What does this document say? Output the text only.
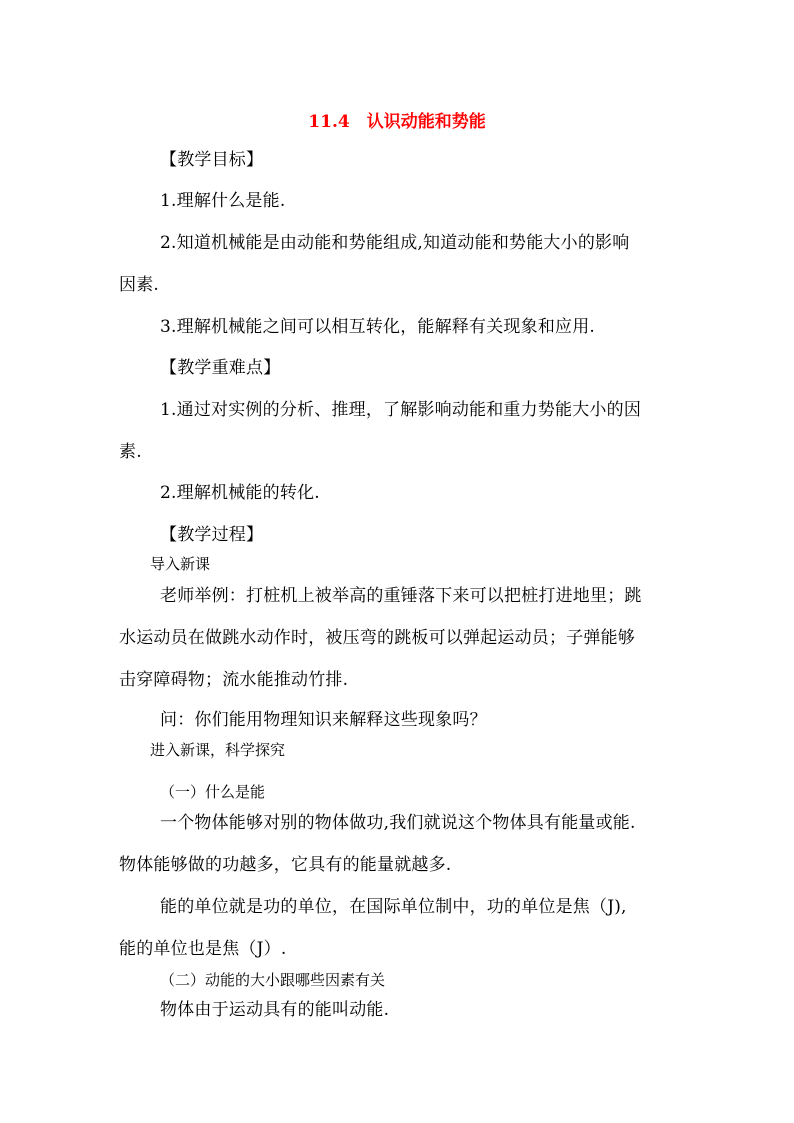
11.4　认识动能和势能
【教学目标】
1.理解什么是能.
2.知道机械能是由动能和势能组成,知道动能和势能大小的影响
因素.
3.理解机械能之间可以相互转化，能解释有关现象和应用.
【教学重难点】
1.通过对实例的分析、推理，了解影响动能和重力势能大小的因
素.
2.理解机械能的转化.
【教学过程】
导入新课
老师举例：打桩机上被举高的重锤落下来可以把桩打进地里；跳
水运动员在做跳水动作时，被压弯的跳板可以弹起运动员；子弹能够
击穿障碍物；流水能推动竹排.
问：你们能用物理知识来解释这些现象吗？
进入新课，科学探究
（一）什么是能
一个物体能够对别的物体做功,我们就说这个物体具有能量或能.
物体能够做的功越多，它具有的能量就越多.
能的单位就是功的单位，在国际单位制中，功的单位是焦（J),
能的单位也是焦（J）.
（二）动能的大小跟哪些因素有关
物体由于运动具有的能叫动能.
